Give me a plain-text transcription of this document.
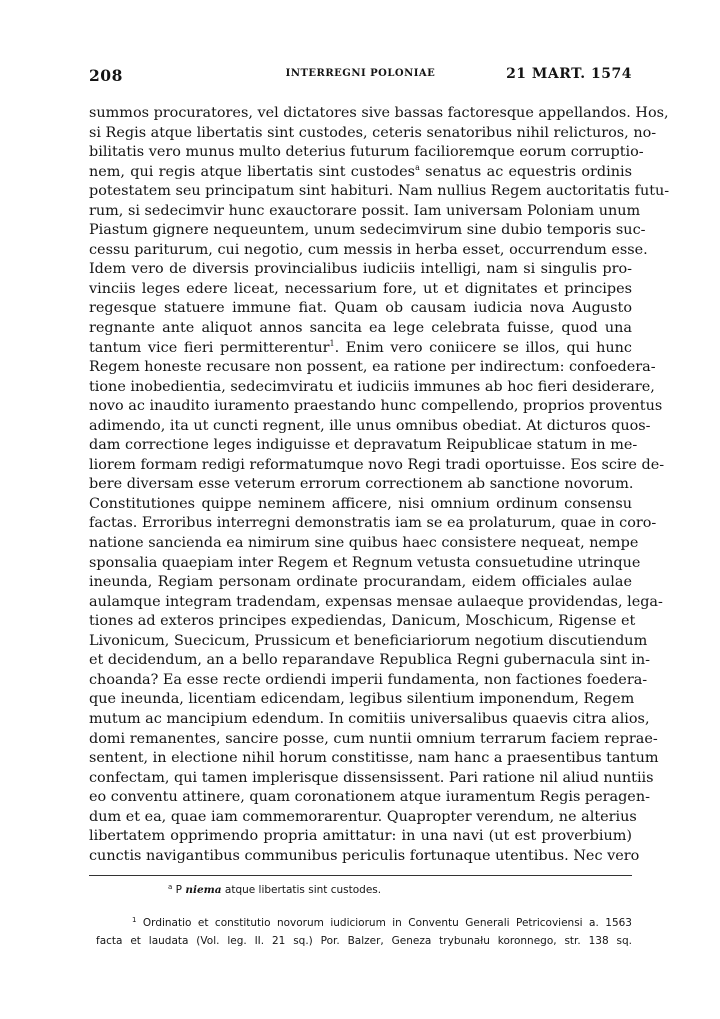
208	INTERREGNI POLONIAE	21 MART. 1574
summos procuratores, vel dictatores sive bassas factoresque appellandos. Hos,
si Regis atque libertatis sint custodes, ceteris senatoribus nihil relicturos, no-
bilitatis vero munus multo deterius futurum facilioremque eorum corruptio-
nem, qui regis atque libertatis sint custodes$^a$ senatus ac equestris ordinis
potestatem seu principatum sint habituri. Nam nullius Regem auctoritatis futu-
rum, si sedecimvir hunc exauctorare possit. Iam universam Poloniam unum
Piastum gignere nequeuntem, unum sedecimvirum sine dubio temporis suc-
cessu pariturum, cui negotio, cum messis in herba esset, occurrendum esse.
Idem vero de diversis provincialibus iudiciis intelligi, nam si singulis pro-
vinciis leges edere liceat, necessarium fore, ut et dignitates et principes
regesque statuere immune fiat. Quam ob causam iudicia nova Augusto
regnante ante aliquot annos sancita ea lege celebrata fuisse, quod una
tantum vice fieri permitterentur$^1$. Enim vero coniicere se illos, qui hunc
Regem honeste recusare non possent, ea ratione per indirectum: confoedera-
tione inobedientia, sedecimviratu et iudiciis immunes ab hoc fieri desiderare,
novo ac inaudito iuramento praestando hunc compellendo, proprios proventus
adimendo, ita ut cuncti regnent, ille unus omnibus obediat. At dicturos quos-
dam correctione leges indiguisse et depravatum Reipublicae statum in me-
liorem formam redigi reformatumque novo Regi tradi oportuisse. Eos scire de-
bere diversam esse veterum errorum correctionem ab sanctione novorum.
Constitutiones quippe neminem afficere, nisi omnium ordinum consensu
factas. Erroribus interregni demonstratis iam se ea prolaturum, quae in coro-
natione sancienda ea nimirum sine quibus haec consistere nequeat, nempe
sponsalia quaepiam inter Regem et Regnum vetusta consuetudine utrinque
ineunda, Regiam personam ordinate procurandam, eidem officiales aulae
aulamque integram tradendam, expensas mensae aulaeque providendas, lega-
tiones ad exteros principes expediendas, Danicum, Moschicum, Rigense et
Livonicum, Suecicum, Prussicum et beneficiariorum negotium discutiendum
et decidendum, an a bello reparandave Republica Regni gubernacula sint in-
choanda? Ea esse recte ordiendi imperii fundamenta, non factiones foedera-
que ineunda, licentiam edicendam, legibus silentium imponendum, Regem
mutum ac mancipium edendum. In comitiis universalibus quaevis citra alios,
domi remanentes, sancire posse, cum nuntii omnium terrarum faciem reprae-
sentent, in electione nihil horum constitisse, nam hanc a praesentibus tantum
confectam, qui tamen implerisque dissensissent. Pari ratione nil aliud nuntiis
eo conventu attinere, quam coronationem atque iuramentum Regis peragen-
dum et ea, quae iam commemorarentur. Quapropter verendum, ne alterius
libertatem opprimendo propria amittatur: in una navi (ut est proverbium)
cunctis navigantibus communibus periculis fortunaque utentibus. Nec vero
$^a$ P niema atque libertatis sint custodes.
$^1$ Ordinatio et constitutio novorum iudiciorum in Conventu Generali Petricoviensi a. 1563
facta et laudata (Vol. leg. II. 21 sq.) Por. Balzer, Geneza trybunału koronnego, str. 138 sq.
